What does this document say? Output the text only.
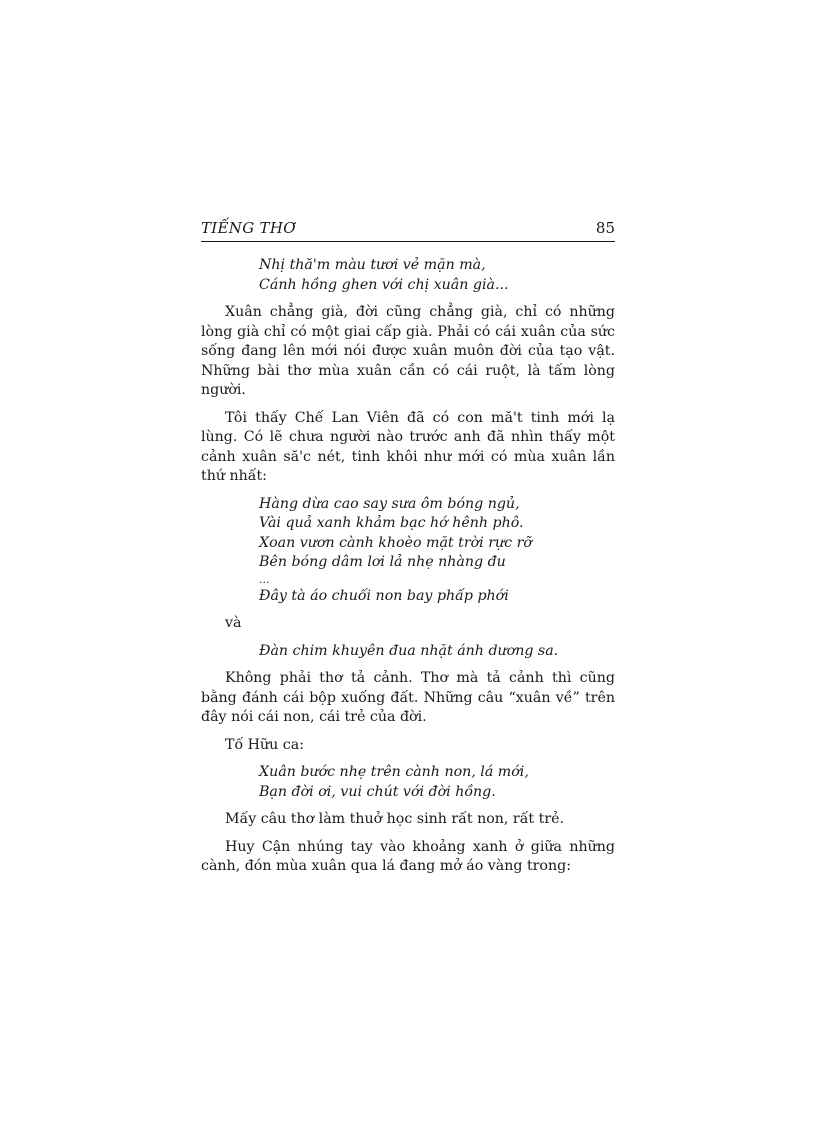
TIẾNG THƠ	85
Nhị thă'm màu tươi vẻ mặn mà,
Cánh hồng ghen với chị xuân già...

Xuân chẳng già, đời cũng chẳng già, chỉ có những lòng già chỉ có một giai cấp già. Phải có cái xuân của sức sống đang lên mới nói được xuân muôn đời của tạo vật. Những bài thơ mùa xuân cần có cái ruột, là tấm lòng người.

Tôi thấy Chế Lan Viên đã có con mă't tinh mới lạ lùng. Có lẽ chưa người nào trước anh đã nhìn thấy một cảnh xuân să'c nét, tinh khôi như mới có mùa xuân lần thứ nhất:

Hàng dừa cao say sưa ôm bóng ngủ,
Vài quả xanh khảm bạc hớ hênh phô.
Xoan vươn cành khoèo mặt trời rực rỡ
Bên bóng dâm lơi lả nhẹ nhàng đu
...
Đây tà áo chuối non bay phấp phới
và
Đàn chim khuyên đua nhặt ánh dương sa.

Không phải thơ tả cảnh. Thơ mà tả cảnh thì cũng bằng đánh cái bộp xuống đất. Những câu “xuân về” trên đây nói cái non, cái trẻ của đời.

Tố Hữu ca:

Xuân bước nhẹ trên cành non, lá mới,
Bạn đời ơi, vui chút với đời hồng.

Mấy câu thơ làm thuở học sinh rất non, rất trẻ.

Huy Cận nhúng tay vào khoảng xanh ở giữa những cành, đón mùa xuân qua lá đang mở áo vàng trong:
